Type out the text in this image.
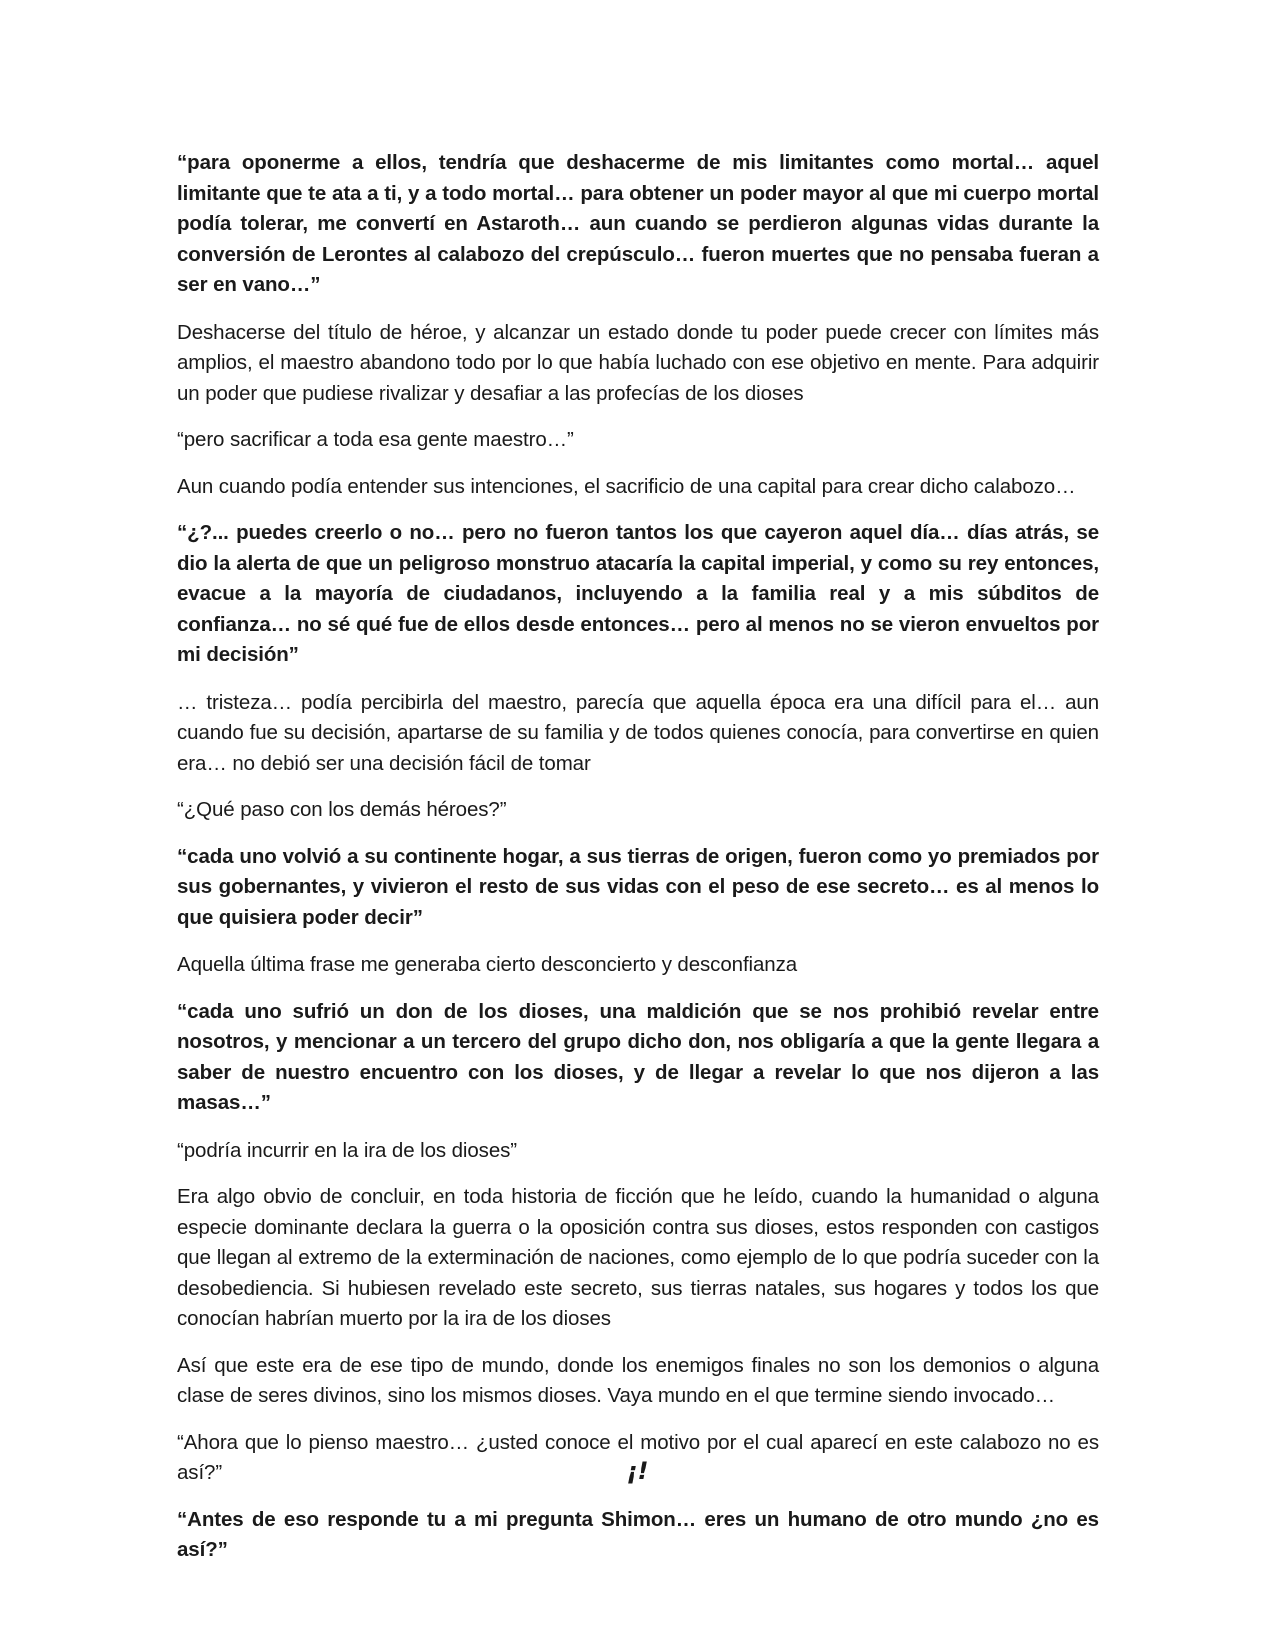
“para oponerme a ellos, tendría que deshacerme de mis limitantes como mortal… aquel limitante que te ata a ti, y a todo mortal… para obtener un poder mayor al que mi cuerpo mortal podía tolerar, me convertí en Astaroth… aun cuando se perdieron algunas vidas durante la conversión de Lerontes al calabozo del crepúsculo… fueron muertes que no pensaba fueran a ser en vano…”

Deshacerse del título de héroe, y alcanzar un estado donde tu poder puede crecer con límites más amplios, el maestro abandono todo por lo que había luchado con ese objetivo en mente. Para adquirir un poder que pudiese rivalizar y desafiar a las profecías de los dioses

“pero sacrificar a toda esa gente maestro…”

Aun cuando podía entender sus intenciones, el sacrificio de una capital para crear dicho calabozo…

“¿?... puedes creerlo o no… pero no fueron tantos los que cayeron aquel día… días atrás, se dio la alerta de que un peligroso monstruo atacaría la capital imperial, y como su rey entonces, evacue a la mayoría de ciudadanos, incluyendo a la familia real y a mis súbditos de confianza… no sé qué fue de ellos desde entonces… pero al menos no se vieron envueltos por mi decisión”

… tristeza… podía percibirla del maestro, parecía que aquella época era una difícil para el… aun cuando fue su decisión, apartarse de su familia y de todos quienes conocía, para convertirse en quien era… no debió ser una decisión fácil de tomar

“¿Qué paso con los demás héroes?”

“cada uno volvió a su continente hogar, a sus tierras de origen, fueron como yo premiados por sus gobernantes, y vivieron el resto de sus vidas con el peso de ese secreto… es al menos lo que quisiera poder decir”

Aquella última frase me generaba cierto desconcierto y desconfianza

“cada uno sufrió un don de los dioses, una maldición que se nos prohibió revelar entre nosotros, y mencionar a un tercero del grupo dicho don, nos obligaría a que la gente llegara a saber de nuestro encuentro con los dioses, y de llegar a revelar lo que nos dijeron a las masas…”

“podría incurrir en la ira de los dioses”

Era algo obvio de concluir, en toda historia de ficción que he leído, cuando la humanidad o alguna especie dominante declara la guerra o la oposición contra sus dioses, estos responden con castigos que llegan al extremo de la exterminación de naciones, como ejemplo de lo que podría suceder con la desobediencia. Si hubiesen revelado este secreto, sus tierras natales, sus hogares y todos los que conocían habrían muerto por la ira de los dioses

Así que este era de ese tipo de mundo, donde los enemigos finales no son los demonios o alguna clase de seres divinos, sino los mismos dioses. Vaya mundo en el que termine siendo invocado…

“Ahora que lo pienso maestro… ¿usted conoce el motivo por el cual aparecí en este calabozo no es así?”

“Antes de eso responde tu a mi pregunta Shimon… eres un humano de otro mundo ¿no es así?”

¡!
